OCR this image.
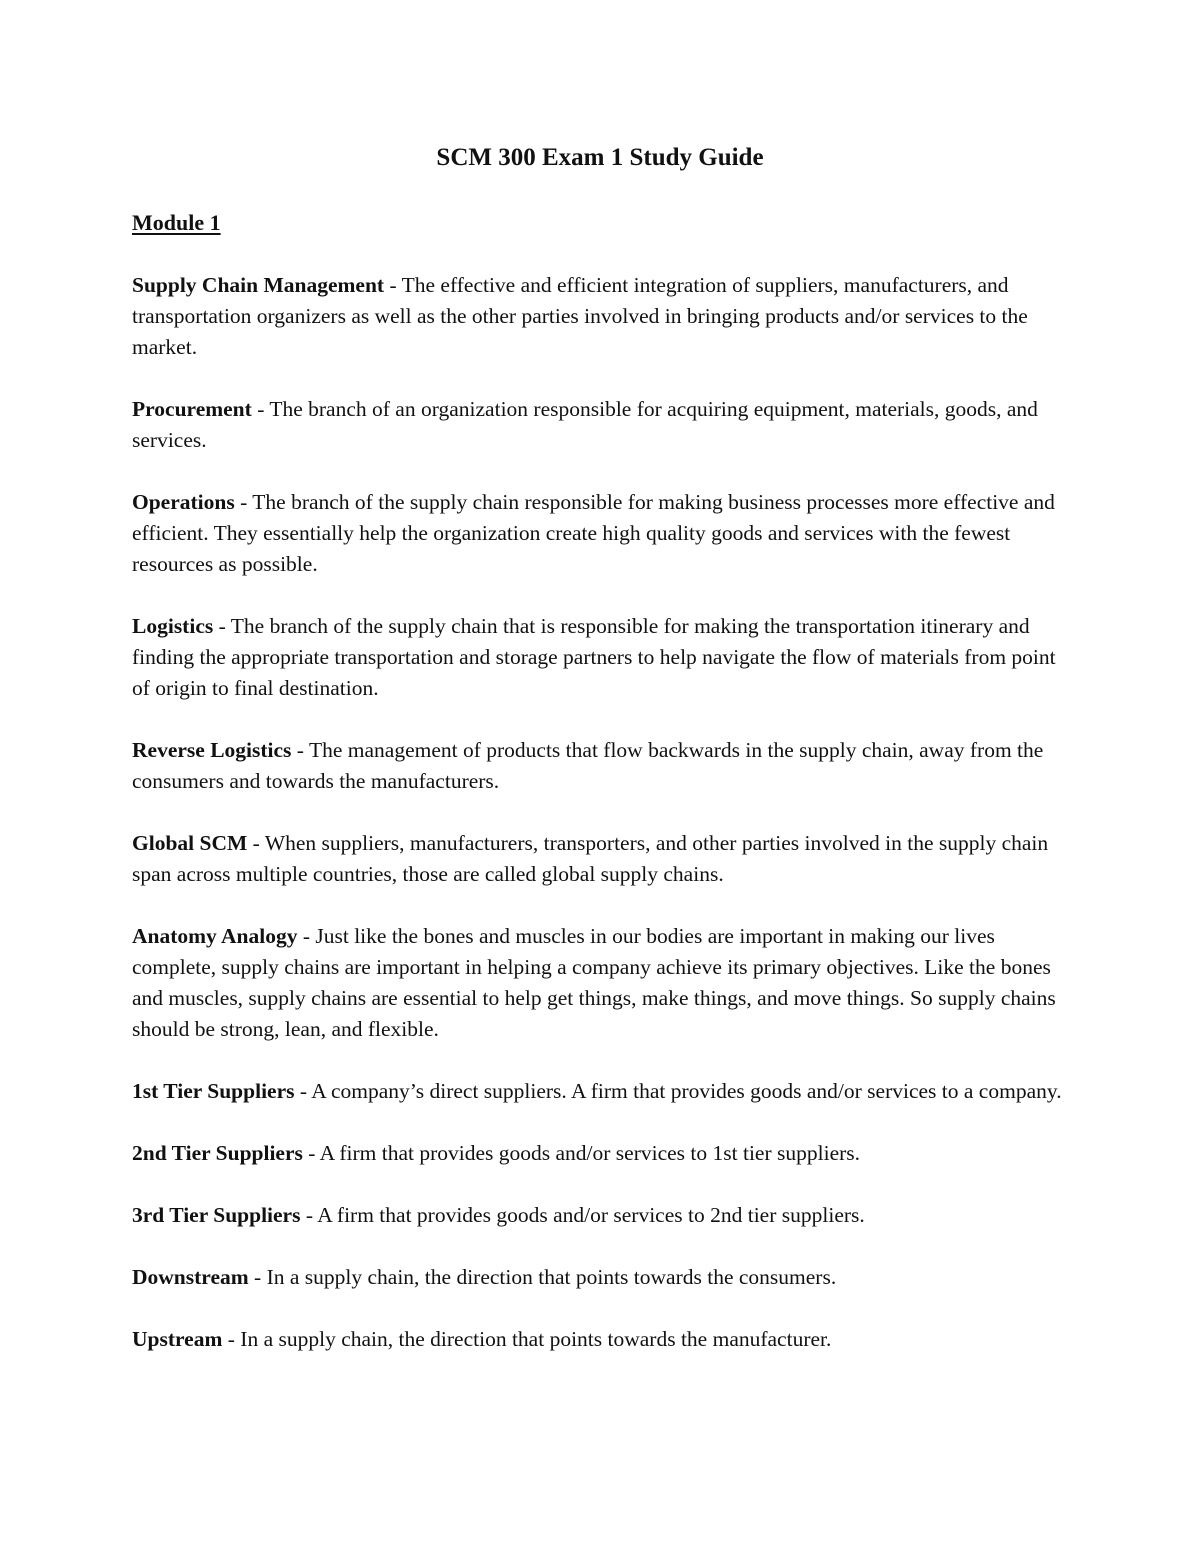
SCM 300 Exam 1 Study Guide
Module 1

Supply Chain Management - The effective and efficient integration of suppliers, manufacturers, and transportation organizers as well as the other parties involved in bringing products and/or services to the market.

Procurement - The branch of an organization responsible for acquiring equipment, materials, goods, and services.

Operations - The branch of the supply chain responsible for making business processes more effective and efficient. They essentially help the organization create high quality goods and services with the fewest resources as possible.

Logistics - The branch of the supply chain that is responsible for making the transportation itinerary and finding the appropriate transportation and storage partners to help navigate the flow of materials from point of origin to final destination.

Reverse Logistics - The management of products that flow backwards in the supply chain, away from the consumers and towards the manufacturers.

Global SCM - When suppliers, manufacturers, transporters, and other parties involved in the supply chain span across multiple countries, those are called global supply chains.

Anatomy Analogy - Just like the bones and muscles in our bodies are important in making our lives complete, supply chains are important in helping a company achieve its primary objectives. Like the bones and muscles, supply chains are essential to help get things, make things, and move things. So supply chains should be strong, lean, and flexible.

1st Tier Suppliers - A company’s direct suppliers. A firm that provides goods and/or services to a company.

2nd Tier Suppliers - A firm that provides goods and/or services to 1st tier suppliers.

3rd Tier Suppliers - A firm that provides goods and/or services to 2nd tier suppliers.

Downstream - In a supply chain, the direction that points towards the consumers.

Upstream - In a supply chain, the direction that points towards the manufacturer.
